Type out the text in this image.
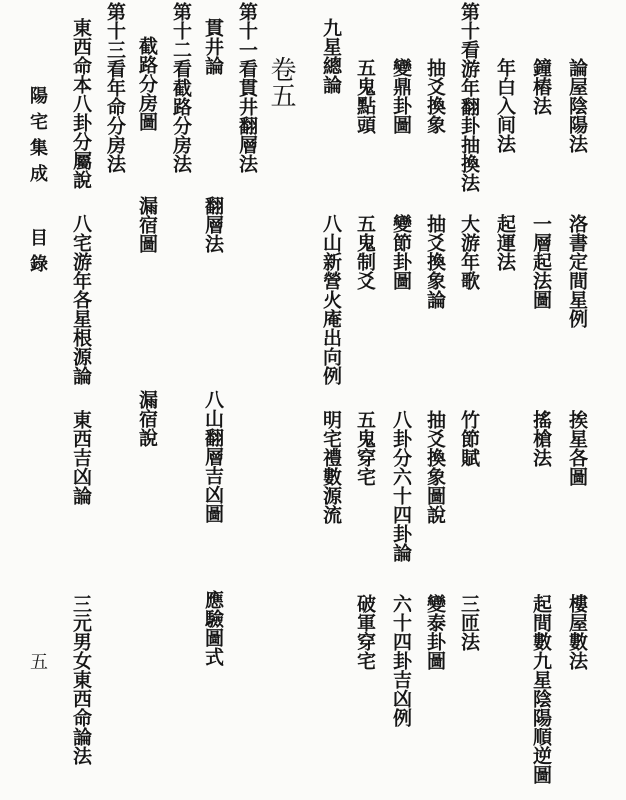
論屋陰陽法
洛書定間星例
挨星各圖
樓屋數法
鐘樁法
一層起法圖
搖槍法
起間數九星陰陽順逆圖
年白入间法
起運法
第十看游年翻卦抽換法
大游年歌
竹節賦
三匝法
抽爻換象
抽爻換象論
抽爻換象圖說
變泰卦圖
變鼎卦圖
變節卦圖
八卦分六十四卦論
六十四卦吉凶例
五鬼點頭
五鬼制爻
五鬼穿宅
破軍穿宅
九星總論
八山新營火庵出向例
明宅禮數源流
卷五
第十一看貫井翻層法
貫井論
翻層法
八山翻層吉凶圖
應驗圖式
第十二看截路分房法
截路分房圖
漏宿圖
漏宿說
第十三看年命分房法
東西命本八卦分屬說
八宅游年各星根源論
東西吉凶論
三元男女東西命論法
陽宅集成
目錄
五
